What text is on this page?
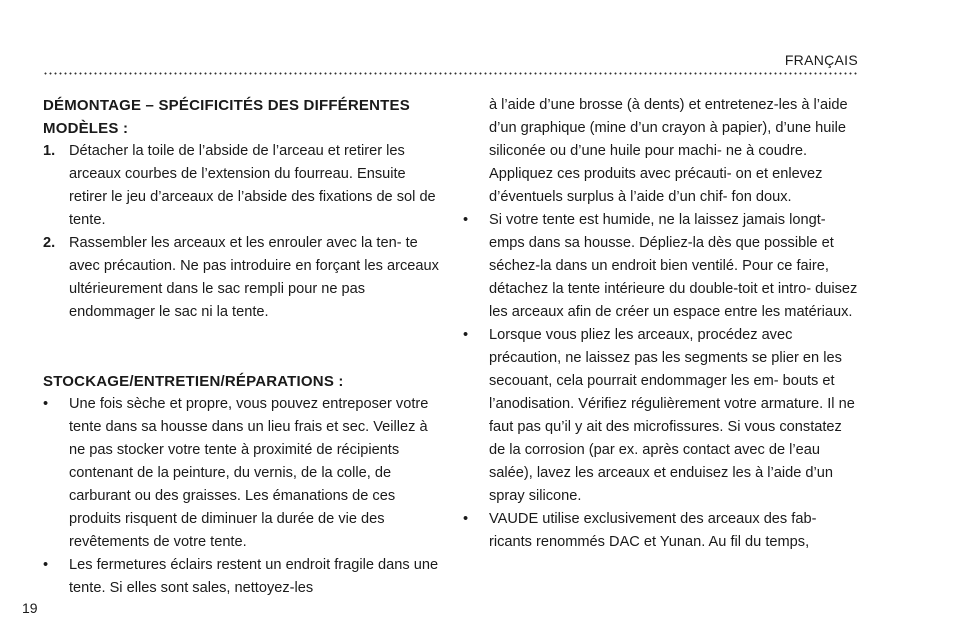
FRANÇAIS
DÉMONTAGE – SPÉCIFICITÉS DES DIFFÉRENTES MODÈLES :
1. Détacher la toile de l’abside de l’arceau et retirer les arceaux courbes de l’extension du fourreau. Ensuite retirer le jeu d’arceaux de l’abside des fixations de sol de tente.
2. Rassembler les arceaux et les enrouler avec la ten- te avec précaution. Ne pas introduire en forçant les arceaux ultérieurement dans le sac rempli pour ne pas endommager le sac ni la tente.
STOCKAGE/ENTRETIEN/RÉPARATIONS :
• Une fois sèche et propre, vous pouvez entreposer votre tente dans sa housse dans un lieu frais et sec. Veillez à ne pas stocker votre tente à proximité de récipients contenant de la peinture, du vernis, de la colle, de carburant ou des graisses. Les émanations de ces produits risquent de diminuer la durée de vie des revêtements de votre tente.
• Les fermetures éclairs restent un endroit fragile dans une tente. Si elles sont sales, nettoyez-les
à l’aide d’une brosse (à dents) et entretenez-les à l’aide d’un graphique (mine d’un crayon à papier), d’une huile siliconée ou d’une huile pour machi- ne à coudre. Appliquez ces produits avec précauti- on et enlevez d’éventuels surplus à l’aide d’un chif- fon doux.
• Si votre tente est humide, ne la laissez jamais longt- emps dans sa housse. Dépliez-la dès que possible et séchez-la dans un endroit bien ventilé. Pour ce faire, détachez la tente intérieure du double-toit et intro- duisez les arceaux afin de créer un espace entre les matériaux.
• Lorsque vous pliez les arceaux, procédez avec précaution, ne laissez pas les segments se plier en les secouant, cela pourrait endommager les em- bouts et l’anodisation. Vérifiez régulièrement votre armature. Il ne faut pas qu’il y ait des microfissures. Si vous constatez de la corrosion (par ex. après contact avec de l’eau salée), lavez les arceaux et enduisez les à l’aide d’un spray silicone.
• VAUDE utilise exclusivement des arceaux des fab- ricants renommés DAC et Yunan. Au fil du temps,
19
